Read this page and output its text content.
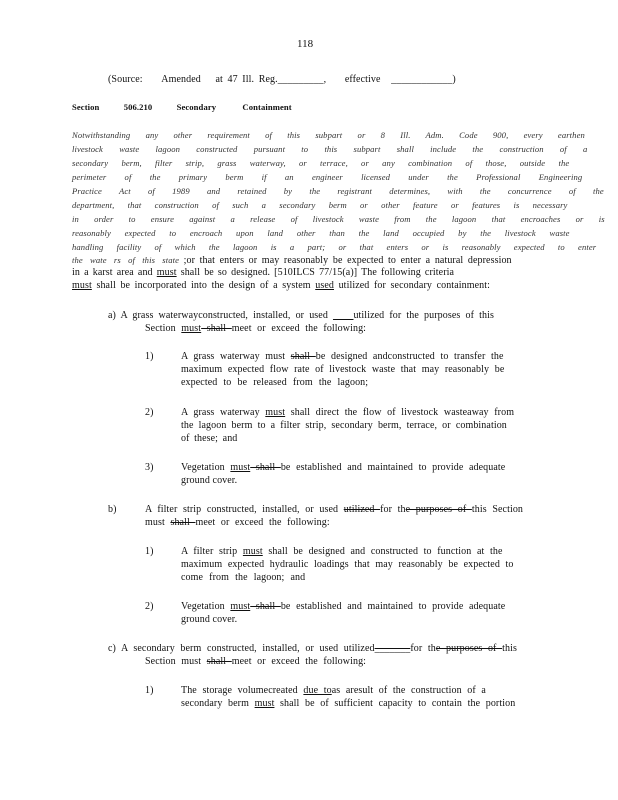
118
(Source: Amended at 47 Ill. Reg._________, effective ____________)
Section	506.210	Secondary	Containment
Notwithstanding any other requirement of this subpart or 8 Ill. Adm. Code 900, every earthen
livestock waste lagoon constructed pursuant to this subpart shall include the construction of a
secondary berm, filter strip, grass waterway, or terrace, or any combination of those, outside the
perimeter of the primary berm if an engineer licensed under the Professional Engineering
Practice Act of 1989 and retained by the registrant determines, with the concurrence of the
department, that construction of such a secondary berm or other feature or features is necessary
in order to ensure against a release of livestock waste from the lagoon that encroaches or is
reasonably expected to encroach upon land other than the land occupied by the livestock waste
handling facility of which the lagoon is a part; or that enters or is reasonably expected to enter
the wate rs of this state ;or that enters or may reasonably be expected to enter a natural depression
in a karst area and must shall be so designed. [510ILCS 77/15(a)] The following criteria
must shall be incorporated into the design of a system used utilized for secondary containment:
a) A grass waterwayconstructed, installed, or used ____utilized for the purposes of this
Section must shall meet or exceed the following:
1)	A grass waterway must shall be designed andconstructed to transfer the
maximum expected flow rate of livestock waste that may reasonably be
expected to be released from the lagoon;
2)	A grass waterway must shall direct the flow of livestock wasteaway from
the lagoon berm to a filter strip, secondary berm, terrace, or combination
of these; and
3)	Vegetation must shall be established and maintained to provide adequate
ground cover.
b)	A filter strip constructed, installed, or used utilized for the purposes of this Section
must shall meet or exceed the following:
1)	A filter strip must shall be designed and constructed to function at the
maximum expected hydraulic loadings that may reasonably be expected to
come from the lagoon; and
2)	Vegetation must shall be established and maintained to provide adequate
ground cover.
c) A secondary berm constructed, installed, or used utilized_______for the purposes of this
Section must shall meet or exceed the following:
1)	The storage volumecreated due toas aresult of the construction of a
secondary berm must shall be of sufficient capacity to contain the portion
